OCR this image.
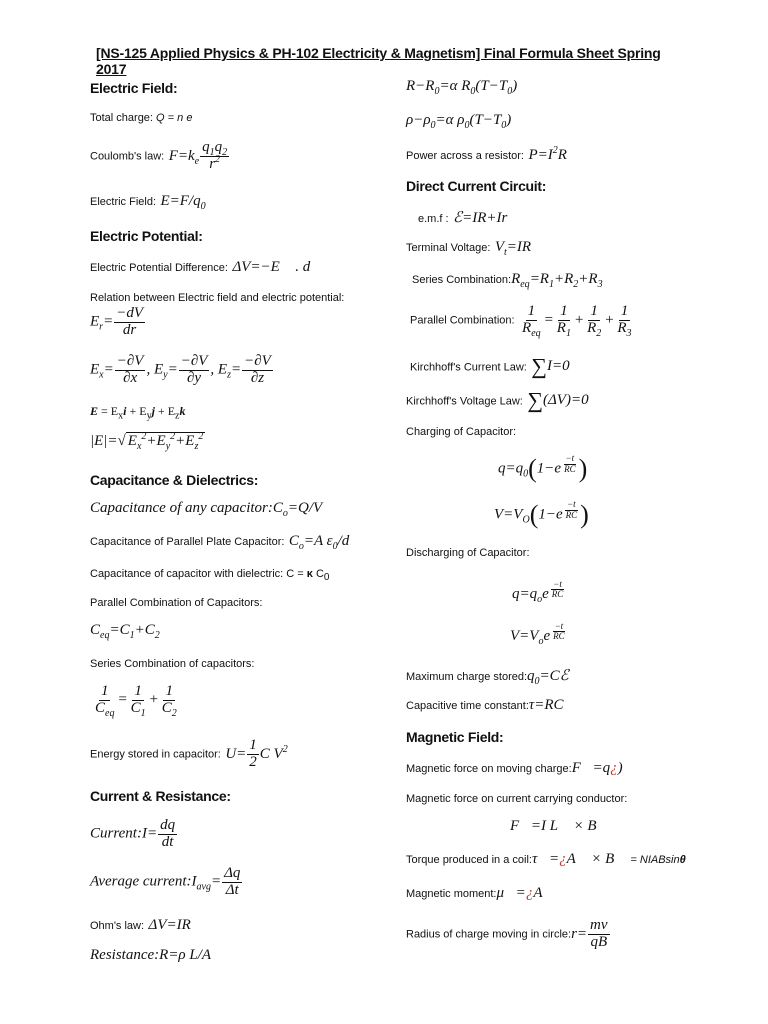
[NS-125 Applied Physics & PH-102 Electricity & Magnetism] Final Formula Sheet Spring 2017
Electric Field:
Total charge: Q = n e
Coulomb's law: $F=k_e \frac{q_1q_2}{r^2}$
Electric Field: $E=F/q_0$
Electric Potential:
Electric Potential Difference: ΔV=−E⃗ . d⃗
Relation between Electric field and electric potential:
$E_r= \frac{-dV}{dr}$
$E_x= \frac{-\partial V}{\partial x}$ , $E_y= \frac{-\partial V}{\partial y}$ , $E_z= \frac{-\partial V}{\partial z}$
$E = E_xi + E_yj + E_zk$
|E|=√ $E_x^2+E_y^2+E_z^2$
Capacitance & Dielectrics:
Capacitance of any $capacitor:C_o=Q/V$
Capacitance of Parallel Plate Capacitor: $C_o=A$ $\varepsilon_0/d$
Capacitance of capacitor with dielectric: C = κ $C_0$
Parallel Combination of Capacitors:
$C_{eq}=C_1+C_2$
Series Combination of capacitors:
$\frac{1}{C_{eq}} = \frac{1}{C_1} + \frac{1}{C_2}$
Energy stored in capacitor: $U= \frac{1}{2}$ C $V^2$
Current & Resistance:
Current:I= $\frac{dq}{dt}$
Average $current:I_{avg}= \frac{\Delta q}{\Delta t}$
Ohm's law: ΔV=IR
Resistance:R=ρ L/A
$R-R_0=\alpha$ $R_0(T-T_0)$
$\rho-\rho_0=\alpha$ $\rho_0(T-T_0)$
Power across a resistor: $P=I^2R$
Direct Current Circuit:
e.m.f : ℰ=IR+Ir
Terminal Voltage: $V_t=IR$
Series $Combination:R_{eq}=R_1+R_2+R_3$
Parallel Combination: $\frac{1}{R_{eq}} = \frac{1}{R_1} + \frac{1}{R_2} + \frac{1}{R_3}$
Kirchhoff's Current Law: ∑I=0
Kirchhoff's Voltage Law: ∑(ΔV)=0
Charging of Capacitor:
$q=q_0(1-e$ $^{\frac{-t}{RC}}$ )
$V=V_O(1-e$ $^{\frac{-t}{RC}}$ )
Discharging of Capacitor:
$q=q_oe$ $^{\frac{-t}{RC}}$
$V=V_oe$ $^{\frac{-t}{RC}}$
Maximum charge $stored:q_0=Cℰ$
Capacitive time constant:τ=RC
Magnetic Field:
Magnetic force on moving charge:F⃗=q¿)
Magnetic force on current carrying conductor:
F⃗=I L⃗ × B⃗
Torque produced in a coil:τ⃗=¿A⃗ × B⃗ = NIABsinθ
Magnetic moment:μ⃗=¿A⃗
Radius of charge moving in circle:r= $\frac{mv}{qB}$
